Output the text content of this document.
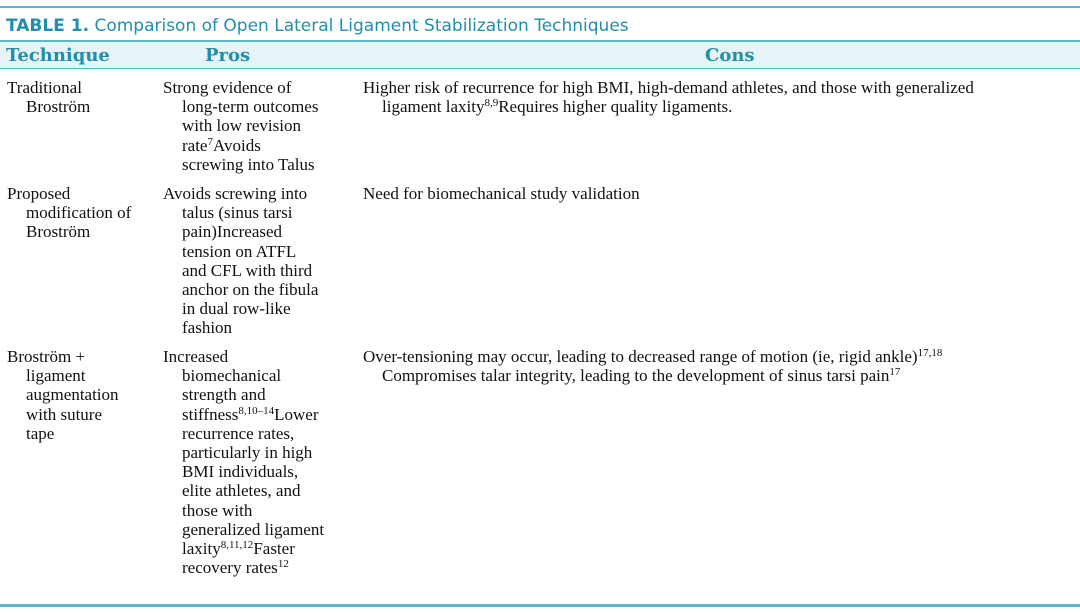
TABLE 1. Comparison of Open Lateral Ligament Stabilization Techniques
Technique	Pros	Cons
Traditional
Broström
Strong evidence of
long-term outcomes
with low revision
rate$^7$Avoids
screwing into Talus
Higher risk of recurrence for high BMI, high-demand athletes, and those with generalized
ligament laxity$^{8,9}$Requires higher quality ligaments.
Proposed
modification of
Broström
Avoids screwing into
talus (sinus tarsi
pain)Increased
tension on ATFL
and CFL with third
anchor on the fibula
in dual row-like
fashion
Need for biomechanical study validation
Broström +
ligament
augmentation
with suture
tape
Increased
biomechanical
strength and
stiffness$^{8,10-14}$Lower
recurrence rates,
particularly in high
BMI individuals,
elite athletes, and
those with
generalized ligament
laxity$^{8,11,12}$Faster
recovery rates$^{12}$
Over-tensioning may occur, leading to decreased range of motion (ie, rigid ankle)$^{17,18}$
Compromises talar integrity, leading to the development of sinus tarsi pain$^{17}$
